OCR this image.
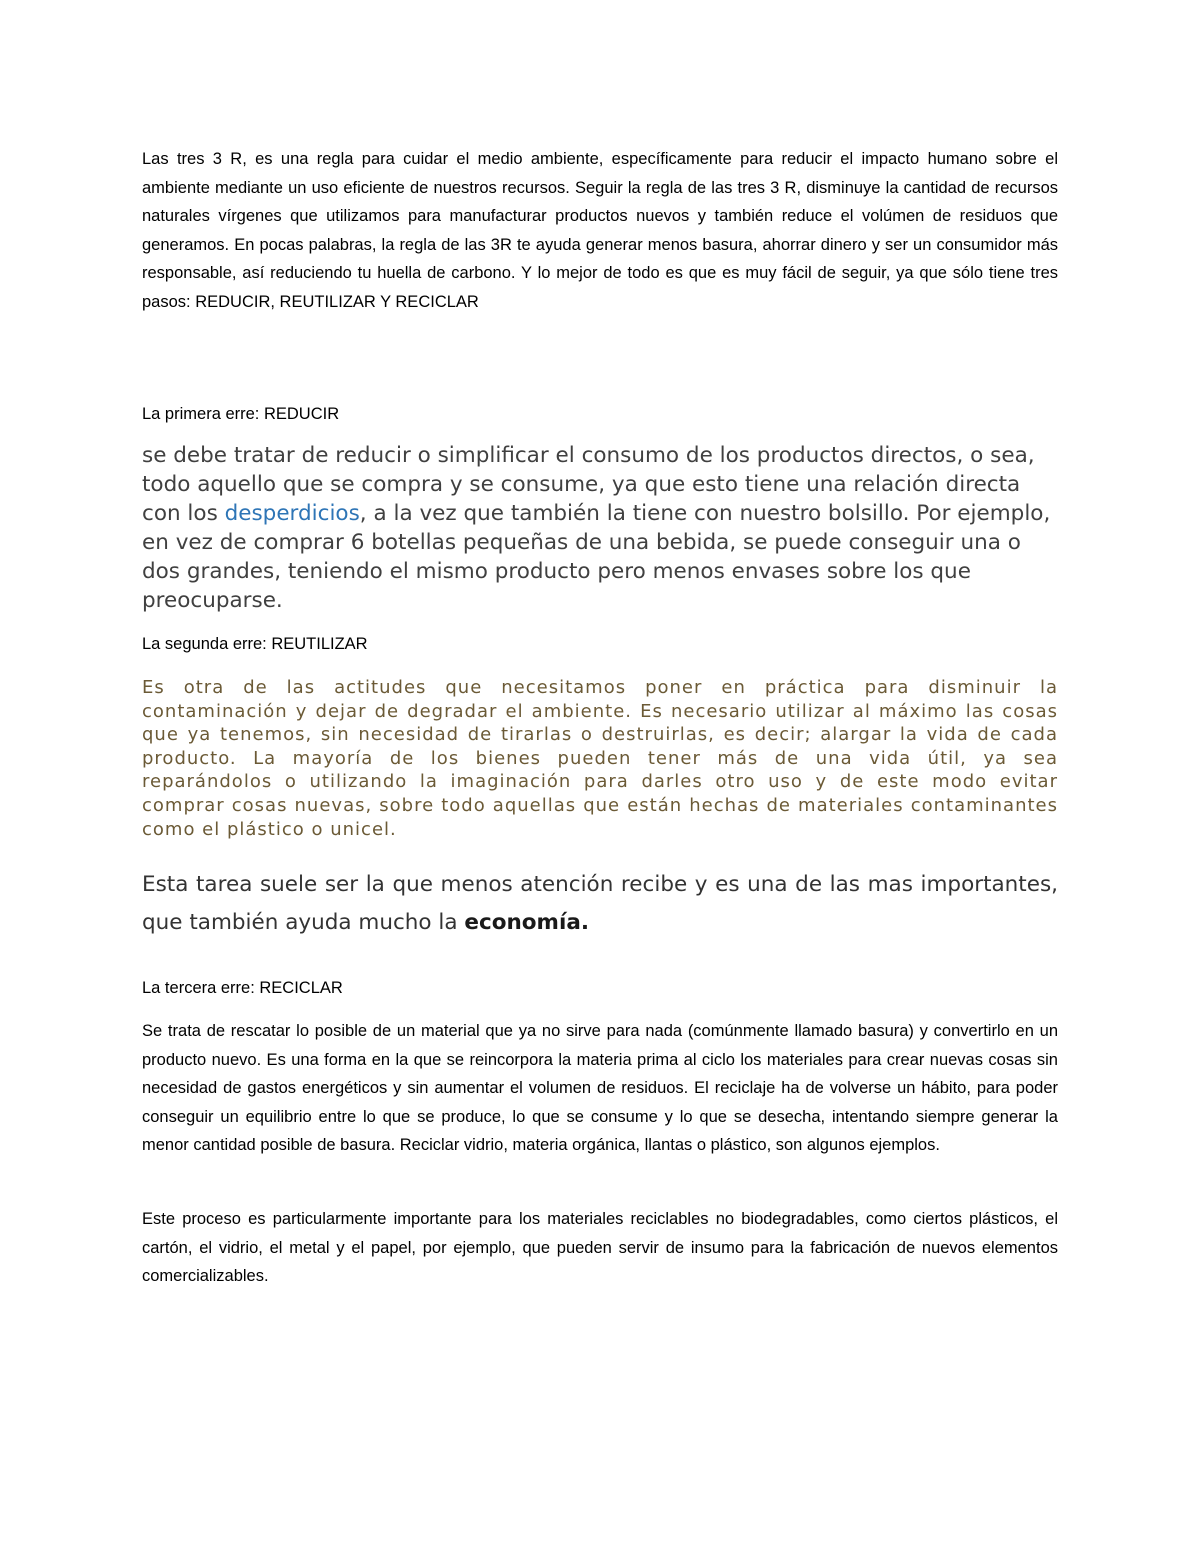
Las tres 3 R, es una regla para cuidar el medio ambiente, específicamente para reducir el impacto humano sobre el ambiente mediante un uso eficiente de nuestros recursos. Seguir la regla de las tres 3 R, disminuye la cantidad de recursos naturales vírgenes que utilizamos para manufacturar productos nuevos y también reduce el volúmen de residuos que generamos. En pocas palabras, la regla de las 3R te ayuda generar menos basura, ahorrar dinero y ser un consumidor más responsable, así reduciendo tu huella de carbono. Y lo mejor de todo es que es muy fácil de seguir, ya que sólo tiene tres pasos: REDUCIR, REUTILIZAR Y RECICLAR
La primera erre: REDUCIR
se debe tratar de reducir o simplificar el consumo de los productos directos, o sea, todo aquello que se compra y se consume, ya que esto tiene una relación directa con los desperdicios, a la vez que también la tiene con nuestro bolsillo. Por ejemplo, en vez de comprar 6 botellas pequeñas de una bebida, se puede conseguir una o dos grandes, teniendo el mismo producto pero menos envases sobre los que preocuparse.
La segunda erre: REUTILIZAR
Es otra de las actitudes que necesitamos poner en práctica para disminuir la contaminación y dejar de degradar el ambiente. Es necesario utilizar al máximo las cosas que ya tenemos, sin necesidad de tirarlas o destruirlas, es decir; alargar la vida de cada producto. La mayoría de los bienes pueden tener más de una vida útil, ya sea reparándolos o utilizando la imaginación para darles otro uso y de este modo evitar comprar cosas nuevas, sobre todo aquellas que están hechas de materiales contaminantes como el plástico o unicel.
Esta tarea suele ser la que menos atención recibe y es una de las mas importantes, que también ayuda mucho la economía.
La tercera erre: RECICLAR
Se trata de rescatar lo posible de un material que ya no sirve para nada (comúnmente llamado basura) y convertirlo en un producto nuevo. Es una forma en la que se reincorpora la materia prima al ciclo los materiales para crear nuevas cosas sin necesidad de gastos energéticos y sin aumentar el volumen de residuos. El reciclaje ha de volverse un hábito, para poder conseguir un equilibrio entre lo que se produce, lo que se consume y lo que se desecha, intentando siempre generar la menor cantidad posible de basura. Reciclar vidrio, materia orgánica, llantas o plástico, son algunos ejemplos.
Este proceso es particularmente importante para los materiales reciclables no biodegradables, como ciertos plásticos, el cartón, el vidrio, el metal y el papel, por ejemplo, que pueden servir de insumo para la fabricación de nuevos elementos comercializables.
